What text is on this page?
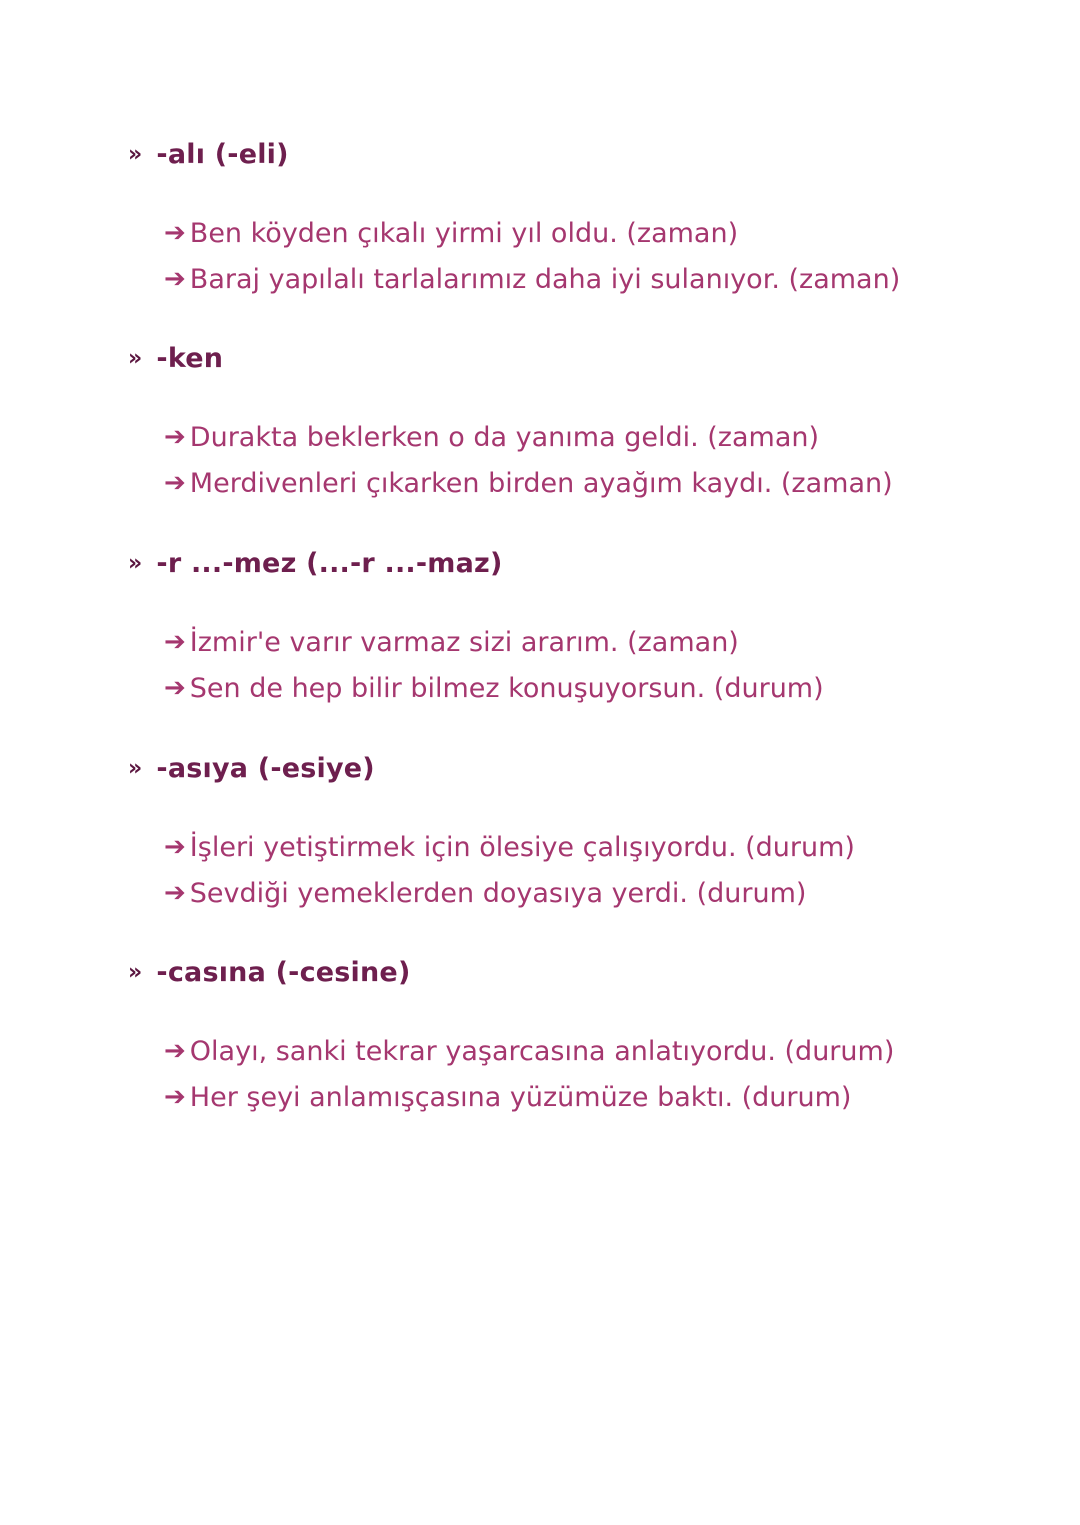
» -alı (-eli)
➔ Ben köyden çıkalı yirmi yıl oldu. (zaman)
➔ Baraj yapılalı tarlalarımız daha iyi sulanıyor. (zaman)
» -ken
➔ Durakta beklerken o da yanıma geldi. (zaman)
➔ Merdivenleri çıkarken birden ayağım kaydı. (zaman)
» -r ...-mez (...-r ...-maz)
➔ İzmir'e varır varmaz sizi ararım. (zaman)
➔ Sen de hep bilir bilmez konuşuyorsun. (durum)
» -asıya (-esiye)
➔ İşleri yetiştirmek için ölesiye çalışıyordu. (durum)
➔ Sevdiği yemeklerden doyasıya yerdi. (durum)
» -casına (-cesine)
➔ Olayı, sanki tekrar yaşarcasına anlatıyordu. (durum)
➔ Her şeyi anlamışçasına yüzümüze baktı. (durum)
